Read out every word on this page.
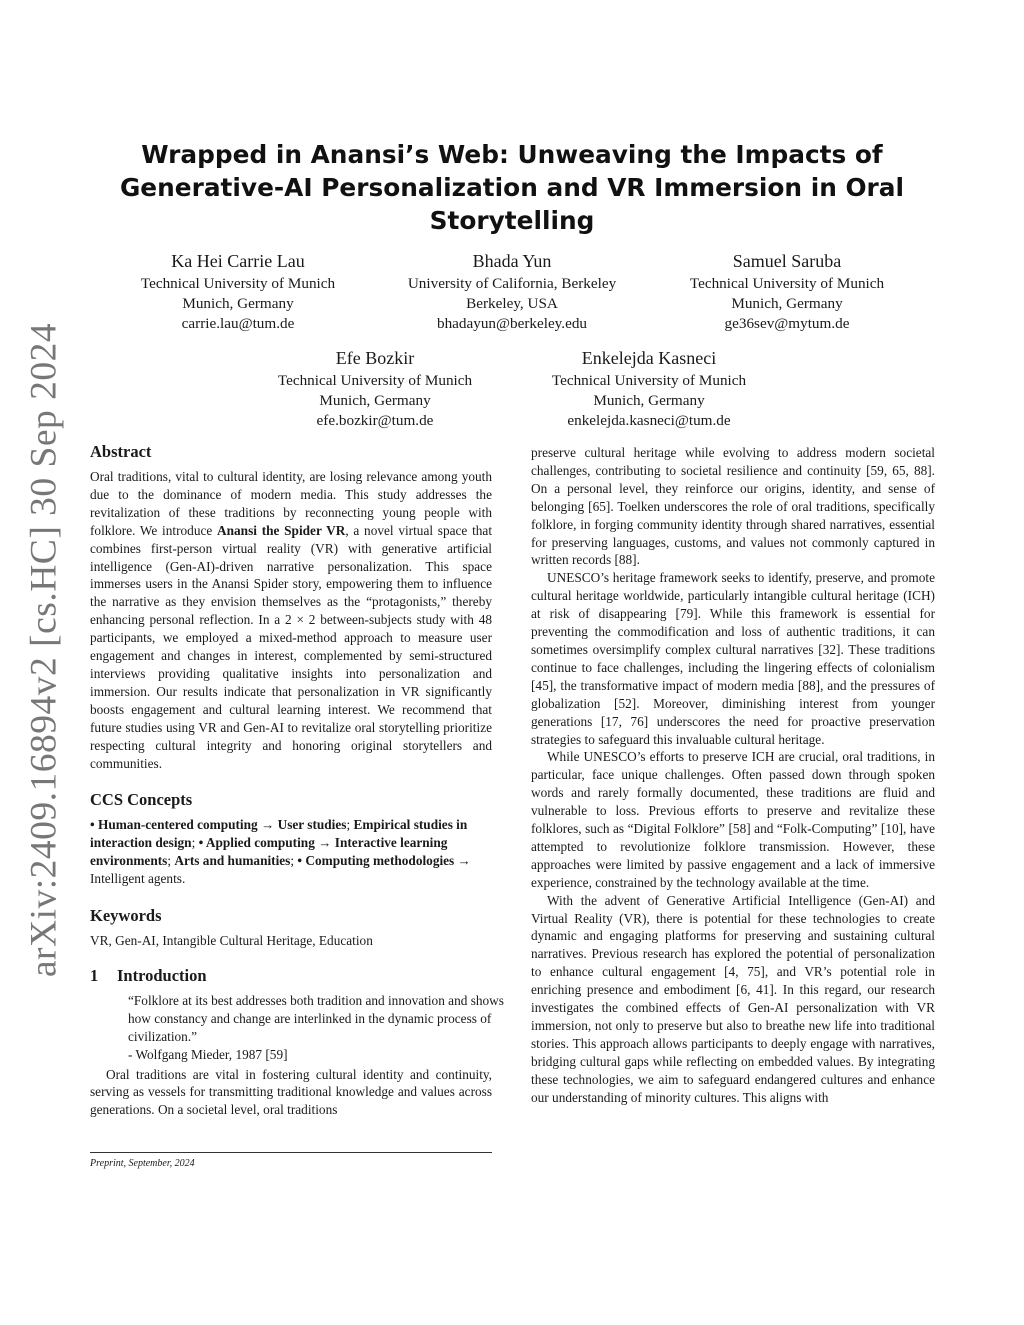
arXiv:2409.16894v2 [cs.HC] 30 Sep 2024
Wrapped in Anansi’s Web: Unweaving the Impacts of Generative-AI Personalization and VR Immersion in Oral Storytelling
Ka Hei Carrie Lau
Technical University of Munich
Munich, Germany
carrie.lau@tum.de
Bhada Yun
University of California, Berkeley
Berkeley, USA
bhadayun@berkeley.edu
Samuel Saruba
Technical University of Munich
Munich, Germany
ge36sev@mytum.de
Efe Bozkir
Technical University of Munich
Munich, Germany
efe.bozkir@tum.de
Enkelejda Kasneci
Technical University of Munich
Munich, Germany
enkelejda.kasneci@tum.de
Abstract

Oral traditions, vital to cultural identity, are losing relevance among youth due to the dominance of modern media. This study addresses the revitalization of these traditions by reconnecting young people with folklore. We introduce Anansi the Spider VR, a novel virtual space that combines first-person virtual reality (VR) with generative artificial intelligence (Gen-AI)-driven narrative personalization. This space immerses users in the Anansi Spider story, empowering them to influence the narrative as they envision themselves as the “protagonists,” thereby enhancing personal reflection. In a 2 × 2 between-subjects study with 48 participants, we employed a mixed-method approach to measure user engagement and changes in interest, complemented by semi-structured interviews providing qualitative insights into personalization and immersion. Our results indicate that personalization in VR significantly boosts engagement and cultural learning interest. We recommend that future studies using VR and Gen-AI to revitalize oral storytelling prioritize respecting cultural integrity and honoring original storytellers and communities.

CCS Concepts

• Human-centered computing → User studies; Empirical studies in interaction design; • Applied computing → Interactive learning environments; Arts and humanities; • Computing methodologies → Intelligent agents.

Keywords

VR, Gen-AI, Intangible Cultural Heritage, Education

1 Introduction

“Folklore at its best addresses both tradition and innovation and shows how constancy and change are interlinked in the dynamic process of civilization.”

- Wolfgang Mieder, 1987 [59]

Oral traditions are vital in fostering cultural identity and continuity, serving as vessels for transmitting traditional knowledge and values across generations. On a societal level, oral traditions

Preprint, September, 2024

preserve cultural heritage while evolving to address modern societal challenges, contributing to societal resilience and continuity [59, 65, 88]. On a personal level, they reinforce our origins, identity, and sense of belonging [65]. Toelken underscores the role of oral traditions, specifically folklore, in forging community identity through shared narratives, essential for preserving languages, customs, and values not commonly captured in written records [88].

UNESCO’s heritage framework seeks to identify, preserve, and promote cultural heritage worldwide, particularly intangible cultural heritage (ICH) at risk of disappearing [79]. While this framework is essential for preventing the commodification and loss of authentic traditions, it can sometimes oversimplify complex cultural narratives [32]. These traditions continue to face challenges, including the lingering effects of colonialism [45], the transformative impact of modern media [88], and the pressures of globalization [52]. Moreover, diminishing interest from younger generations [17, 76] underscores the need for proactive preservation strategies to safeguard this invaluable cultural heritage.

While UNESCO’s efforts to preserve ICH are crucial, oral traditions, in particular, face unique challenges. Often passed down through spoken words and rarely formally documented, these traditions are fluid and vulnerable to loss. Previous efforts to preserve and revitalize these folklores, such as “Digital Folklore” [58] and “Folk-Computing” [10], have attempted to revolutionize folklore transmission. However, these approaches were limited by passive engagement and a lack of immersive experience, constrained by the technology available at the time.

With the advent of Generative Artificial Intelligence (Gen-AI) and Virtual Reality (VR), there is potential for these technologies to create dynamic and engaging platforms for preserving and sustaining cultural narratives. Previous research has explored the potential of personalization to enhance cultural engagement [4, 75], and VR’s potential role in enriching presence and embodiment [6, 41]. In this regard, our research investigates the combined effects of Gen-AI personalization with VR immersion, not only to preserve but also to breathe new life into traditional stories. This approach allows participants to deeply engage with narratives, bridging cultural gaps while reflecting on embedded values. By integrating these technologies, we aim to safeguard endangered cultures and enhance our understanding of minority cultures. This aligns with
